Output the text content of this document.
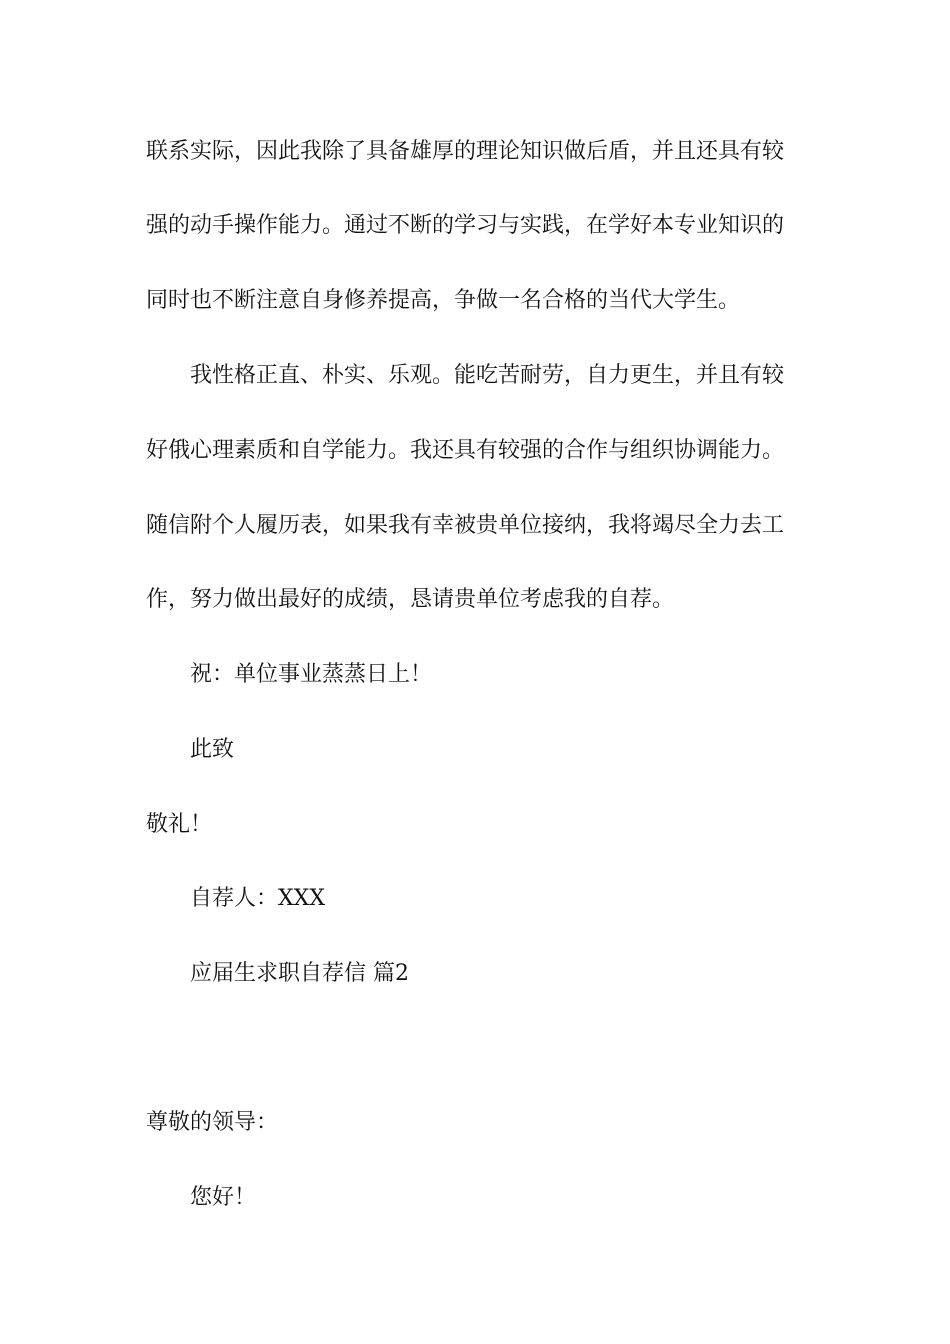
联系实际，因此我除了具备雄厚的理论知识做后盾，并且还具有较
强的动手操作能力。通过不断的学习与实践，在学好本专业知识的
同时也不断注意自身修养提高，争做一名合格的当代大学生。
我性格正直、朴实、乐观。能吃苦耐劳，自力更生，并且有较
好俄心理素质和自学能力。我还具有较强的合作与组织协调能力。
随信附个人履历表，如果我有幸被贵单位接纳，我将竭尽全力去工
作，努力做出最好的成绩，恳请贵单位考虑我的自荐。
祝：单位事业蒸蒸日上！
此致
敬礼！
自荐人：XXX
应届生求职自荐信 篇2
尊敬的领导：
您好！
